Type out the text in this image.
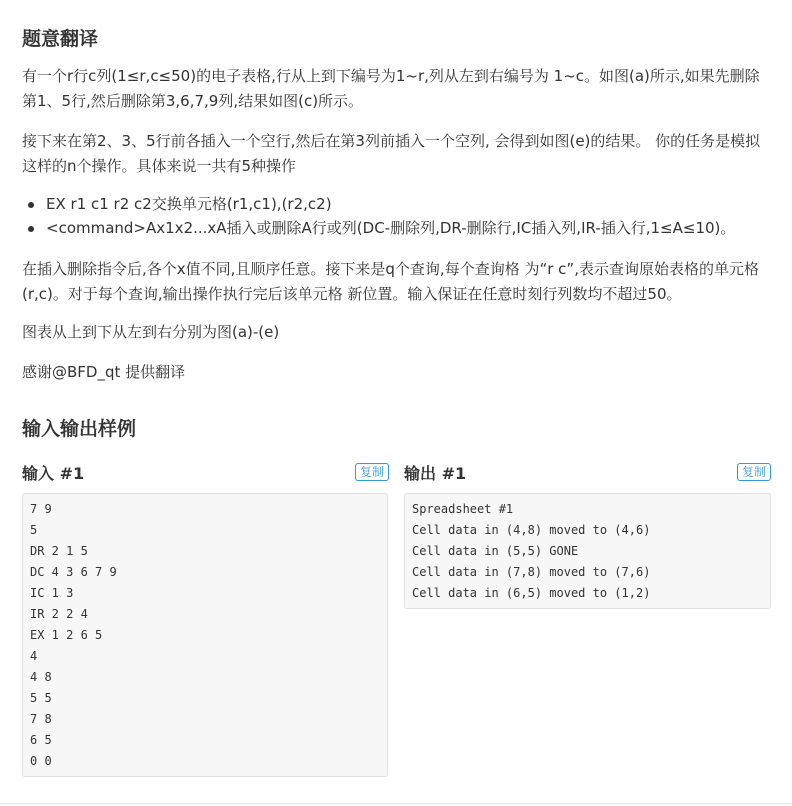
题意翻译

有一个r行c列(1≤r,c≤50)的电子表格,行从上到下编号为1~r,列从左到右编号为 1~c。如图(a)所示,如果先删除第1、5行,然后删除第3,6,7,9列,结果如图(c)所示。

接下来在第2、3、5行前各插入一个空行,然后在第3列前插入一个空列, 会得到如图(e)的结果。 你的任务是模拟这样的n个操作。具体来说一共有5种操作

EX r1 c1 r2 c2交换单元格(r1,c1),(r2,c2)
<command>Ax1x2...xA插入或删除A行或列(DC-删除列,DR-删除行,IC插入列,IR-插入行,1≤A≤10)。

在插入删除指令后,各个x值不同,且顺序任意。接下来是q个查询,每个查询格 为“r c”,表示查询原始表格的单元格(r,c)。对于每个查询,输出操作执行完后该单元格 新位置。输入保证在任意时刻行列数均不超过50。

图表从上到下从左到右分别为图(a)-(e)

感谢@BFD_qt 提供翻译

输入输出样例
输入 #1	复制	输出 #1	复制
7 9
5
DR 2 1 5
DC 4 3 6 7 9
IC 1 3
IR 2 2 4
EX 1 2 6 5
4
4 8
5 5
7 8
6 5
0 0
Spreadsheet #1
Cell data in (4,8) moved to (4,6)
Cell data in (5,5) GONE
Cell data in (7,8) moved to (7,6)
Cell data in (6,5) moved to (1,2)
